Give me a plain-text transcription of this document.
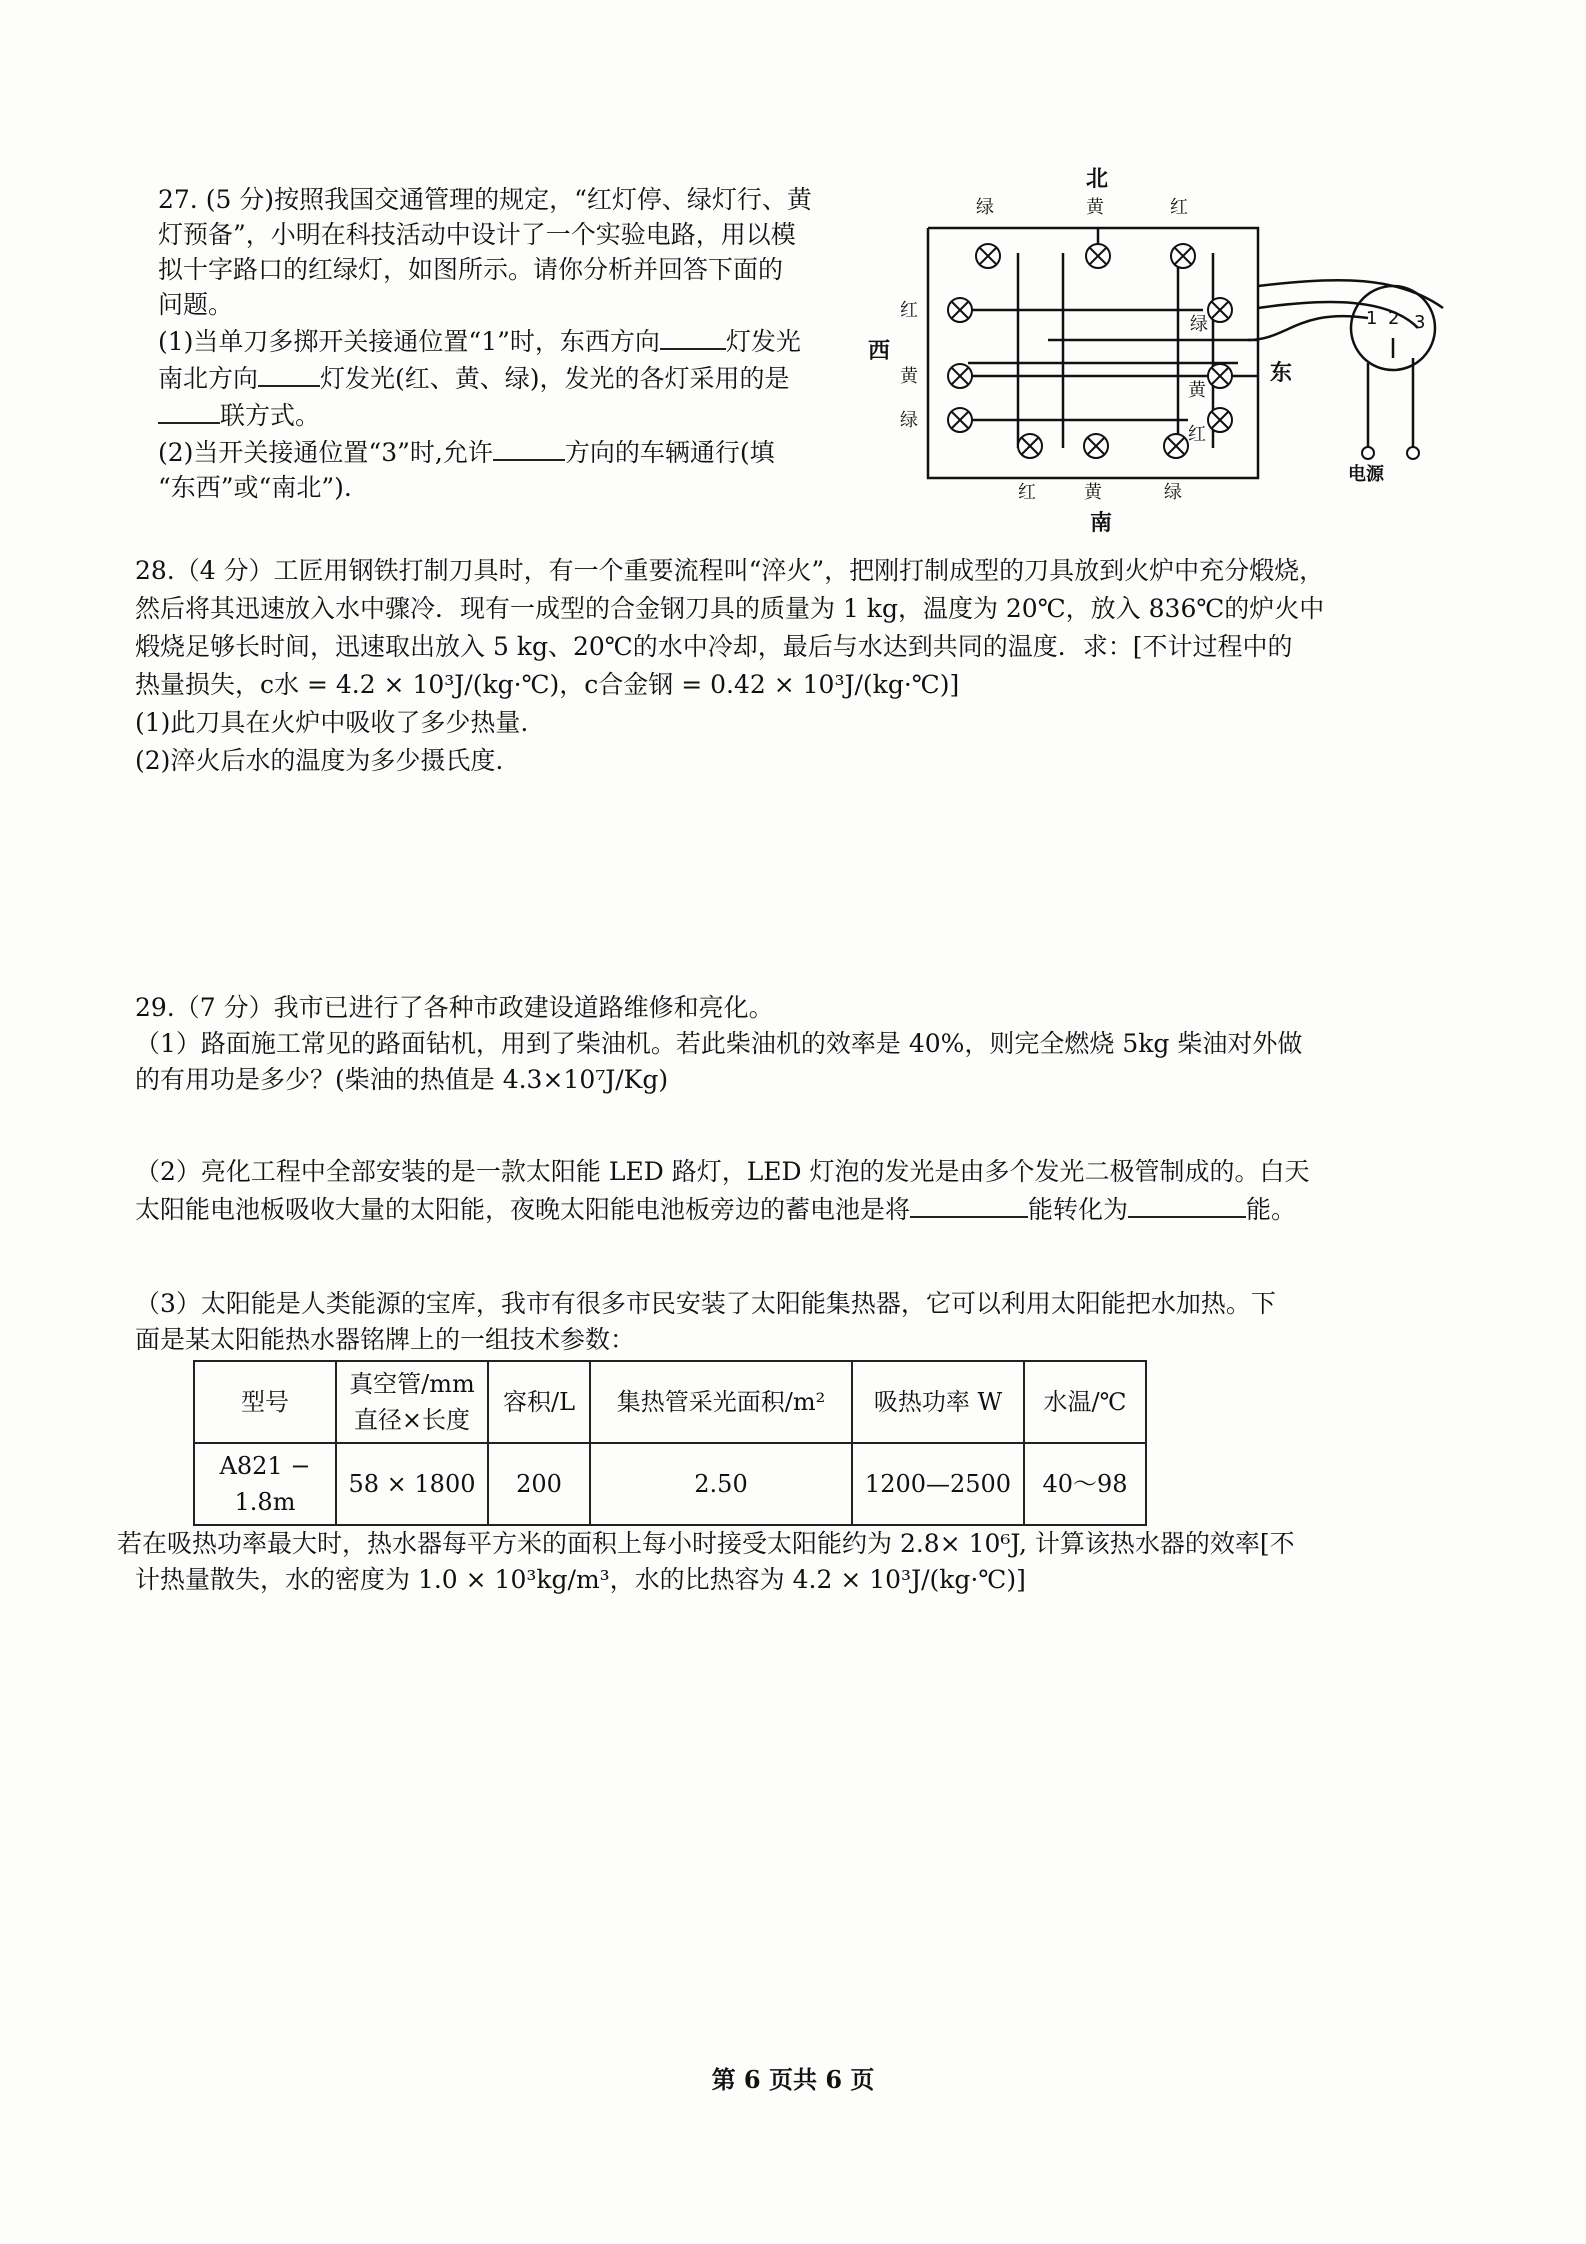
27. (5 分)按照我国交通管理的规定，“红灯停、绿灯行、黄

灯预备”，小明在科技活动中设计了一个实验电路，用以模

拟十字路口的红绿灯，如图所示。请你分析并回答下面的

问题。

(1)当单刀多掷开关接通位置“1”时，东西方向	灯发光

南北方向 灯发光(红、黄、绿)，发光的各灯采用的是

联方式。

(2)当开关接通位置“3”时,允许	方向的车辆通行(填

“东西”或“南北”).

北
南
西
东
绿	黄	红
红	黄	绿
红
黄
绿
绿
黄
红
1 2 3
电源

28.（4 分）工匠用钢铁打制刀具时，有一个重要流程叫“淬火”，把刚打制成型的刀具放到火炉中充分煅烧，

然后将其迅速放入水中骤冷．现有一成型的合金钢刀具的质量为 1 kg，温度为 20℃，放入 836℃的炉火中

煅烧足够长时间，迅速取出放入 5 kg、20℃的水中冷却，最后与水达到共同的温度．求：[不计过程中的

热量损失，c水 = 4.2 × 10³J/(kg·℃)，c合金钢 = 0.42 × 10³J/(kg·℃)]

(1)此刀具在火炉中吸收了多少热量.

(2)淬火后水的温度为多少摄氏度.

29.（7 分）我市已进行了各种市政建设道路维修和亮化。

（1）路面施工常见的路面钻机，用到了柴油机。若此柴油机的效率是 40%，则完全燃烧 5kg 柴油对外做

的有用功是多少？(柴油的热值是 4.3×10⁷J/Kg)

（2）亮化工程中全部安装的是一款太阳能 LED 路灯，LED 灯泡的发光是由多个发光二极管制成的。白天

太阳能电池板吸收大量的太阳能，夜晚太阳能电池板旁边的蓄电池是将	能转化为	能。

（3）太阳能是人类能源的宝库，我市有很多市民安装了太阳能集热器，它可以利用太阳能把水加热。下

面是某太阳能热水器铭牌上的一组技术参数：

型号	真空管/mm 直径×长度	容积/L	集热管采光面积/m²	吸热功率 W	水温/℃
A821 − 1.8m	58 × 1800	200	2.50	1200—2500	40～98

若在吸热功率最大时，热水器每平方米的面积上每小时接受太阳能约为 2.8× 10⁶J, 计算该热水器的效率[不

计热量散失，水的密度为 1.0 × 10³kg/m³，水的比热容为 4.2 × 10³J/(kg·℃)]

第 6 页共 6 页
